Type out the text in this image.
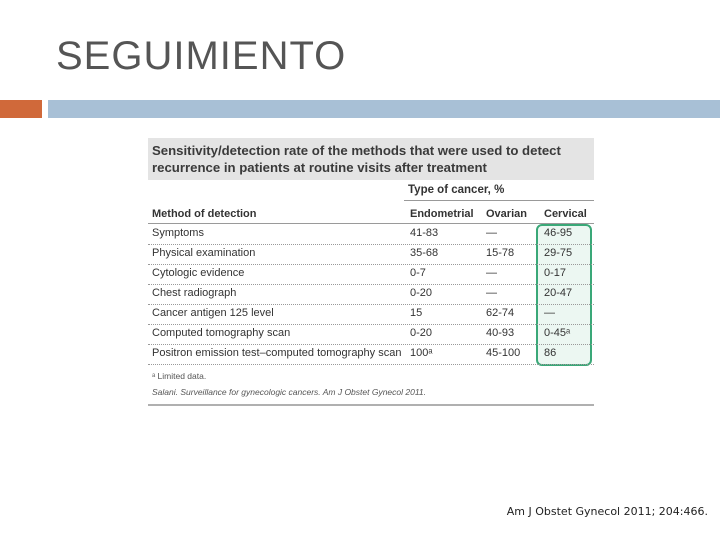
SEGUIMIENTO
Sensitivity/detection rate of the methods that were used to detect recurrence in patients at routine visits after treatment
Type of cancer, %
Method of detection	Endometrial Ovarian Cervical
Symptoms	41-83	—	46-95
Physical examination	35-68	15-78	29-75
Cytologic evidence	0-7	—	0-17
Chest radiograph	0-20	—	20-47
Cancer antigen 125 level	15	62-74	—
Computed tomography scan	0-20	40-93	0-45ᵃ
Positron emission test–computed tomography scan 100ᵃ	45-100 86
ᵃ Limited data.
Salani. Surveillance for gynecologic cancers. Am J Obstet Gynecol 2011.
Am J Obstet Gynecol 2011; 204:466.
